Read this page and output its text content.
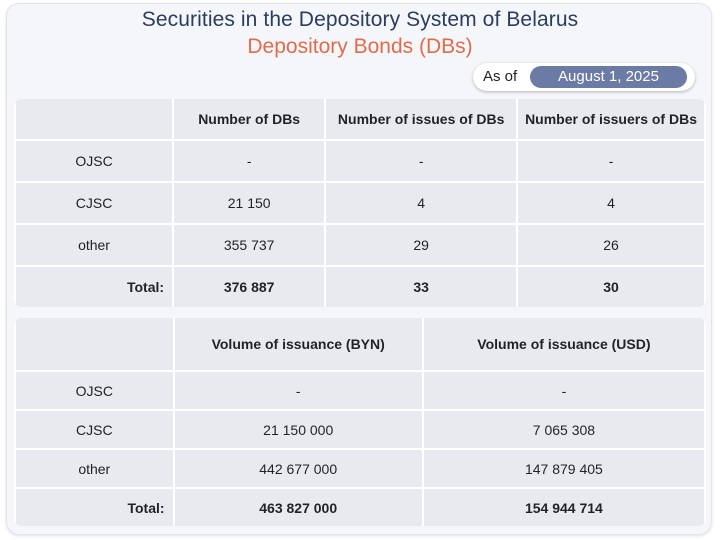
Securities in the Depository System of Belarus
Depository Bonds (DBs)
As of	August 1, 2025
	Number of DBs	Number of issues of DBs	Number of issuers of DBs
OJSC	-	-	-
CJSC	21 150	4	4
other	355 737	29	26
Total:	376 887	33	30
	Volume of issuance (BYN)	Volume of issuance (USD)
OJSC	-	-
CJSC	21 150 000	7 065 308
other	442 677 000	147 879 405
Total:	463 827 000	154 944 714
